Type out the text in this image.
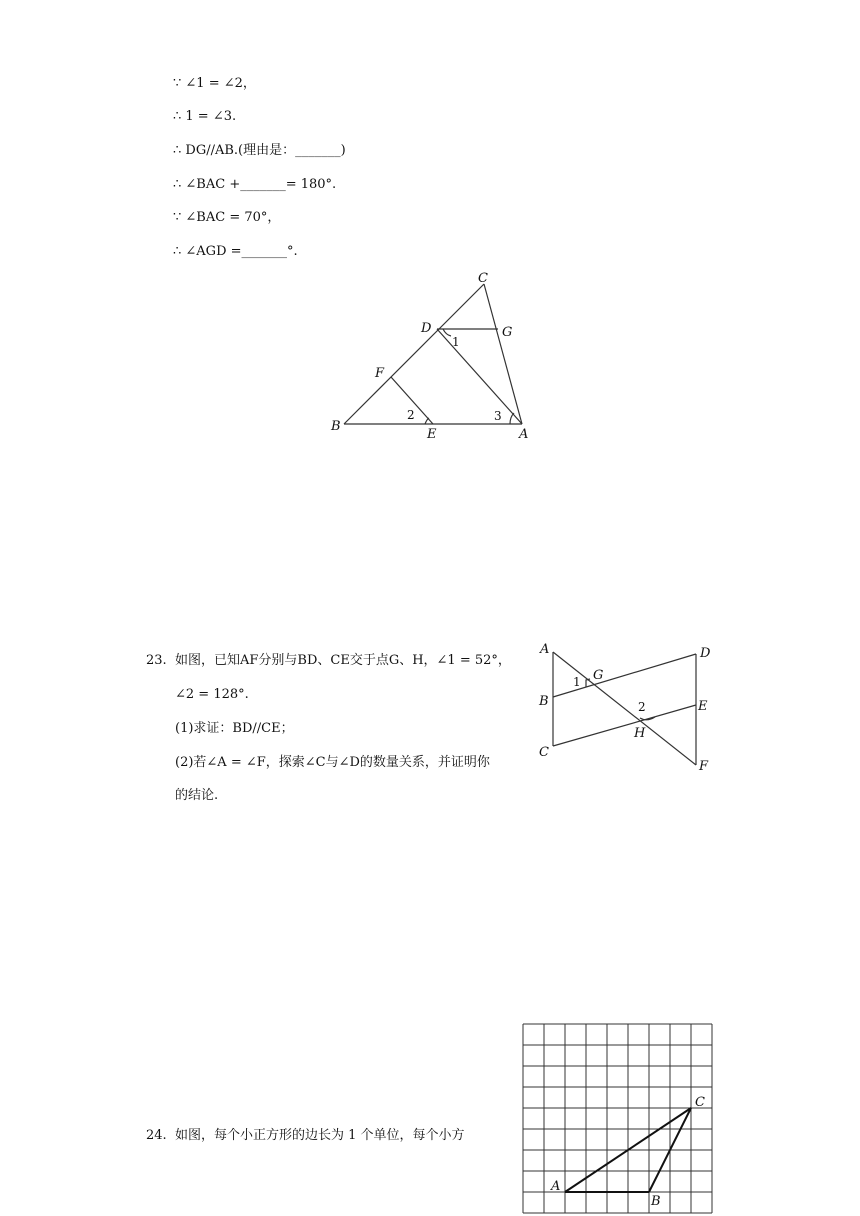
∵ ∠1 = ∠2，
∴ 1 = ∠3.
∴ DG//AB.(理由是：_______)
∴ ∠BAC +_______= 180°.
∵ ∠BAC = 70°，
∴ ∠AGD =_______°.
C
D	G
1
F
B
2
E
3
A
23. 如图，已知AF分别与BD、CE交于点G、H，∠1 = 52°，
∠2 = 128°.
(1)求证：BD//CE；
(2)若∠A = ∠F，探索∠C与∠D的数量关系，并证明你
的结论.
A	D
B
G
1
2	E
C
H
F
24. 如图，每个小正方形的边长为 1 个单位，每个小方
A
B
C
